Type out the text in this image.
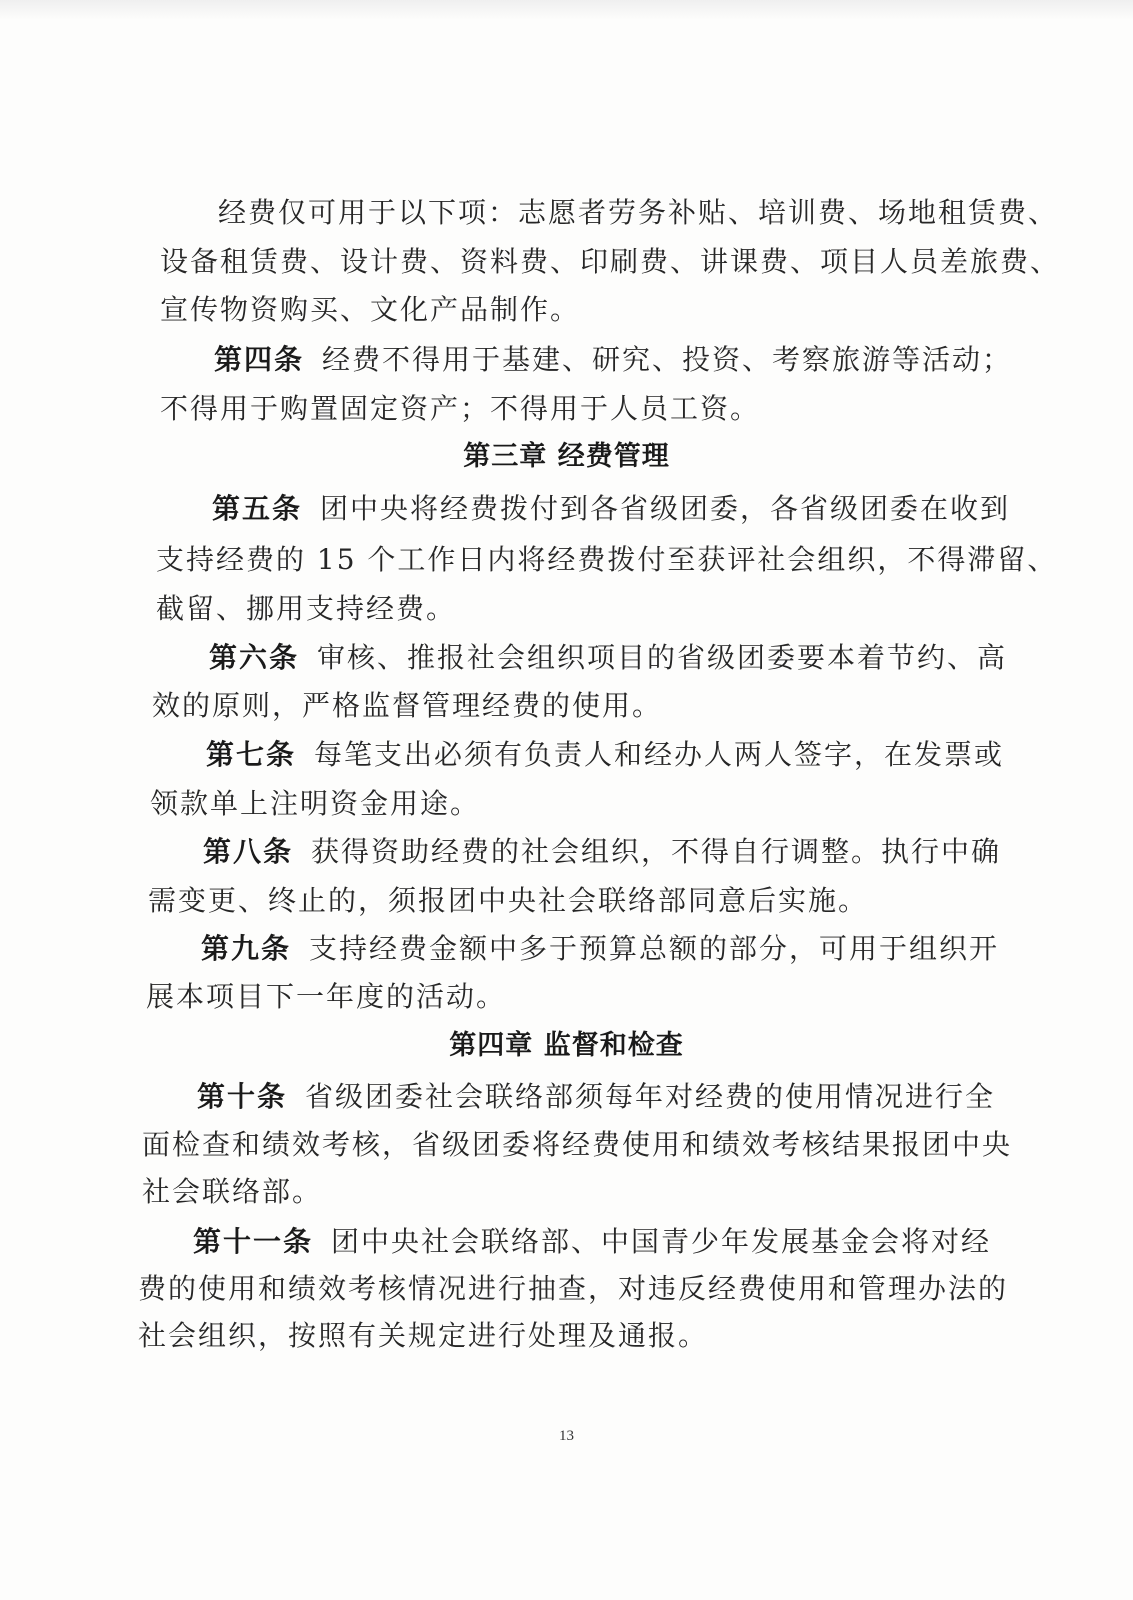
经费仅可用于以下项：志愿者劳务补贴、培训费、场地租赁费、
设备租赁费、设计费、资料费、印刷费、讲课费、项目人员差旅费、
宣传物资购买、文化产品制作。
第四条 经费不得用于基建、研究、投资、考察旅游等活动；
不得用于购置固定资产；不得用于人员工资。
第三章 经费管理
第五条 团中央将经费拨付到各省级团委，各省级团委在收到
支持经费的 15 个工作日内将经费拨付至获评社会组织，不得滞留、
截留、挪用支持经费。
第六条 审核、推报社会组织项目的省级团委要本着节约、高
效的原则，严格监督管理经费的使用。
第七条 每笔支出必须有负责人和经办人两人签字，在发票或
领款单上注明资金用途。
第八条 获得资助经费的社会组织，不得自行调整。执行中确
需变更、终止的，须报团中央社会联络部同意后实施。
第九条 支持经费金额中多于预算总额的部分，可用于组织开
展本项目下一年度的活动。
第四章 监督和检查
第十条 省级团委社会联络部须每年对经费的使用情况进行全
面检查和绩效考核，省级团委将经费使用和绩效考核结果报团中央
社会联络部。
第十一条 团中央社会联络部、中国青少年发展基金会将对经
费的使用和绩效考核情况进行抽查，对违反经费使用和管理办法的
社会组织，按照有关规定进行处理及通报。
13
